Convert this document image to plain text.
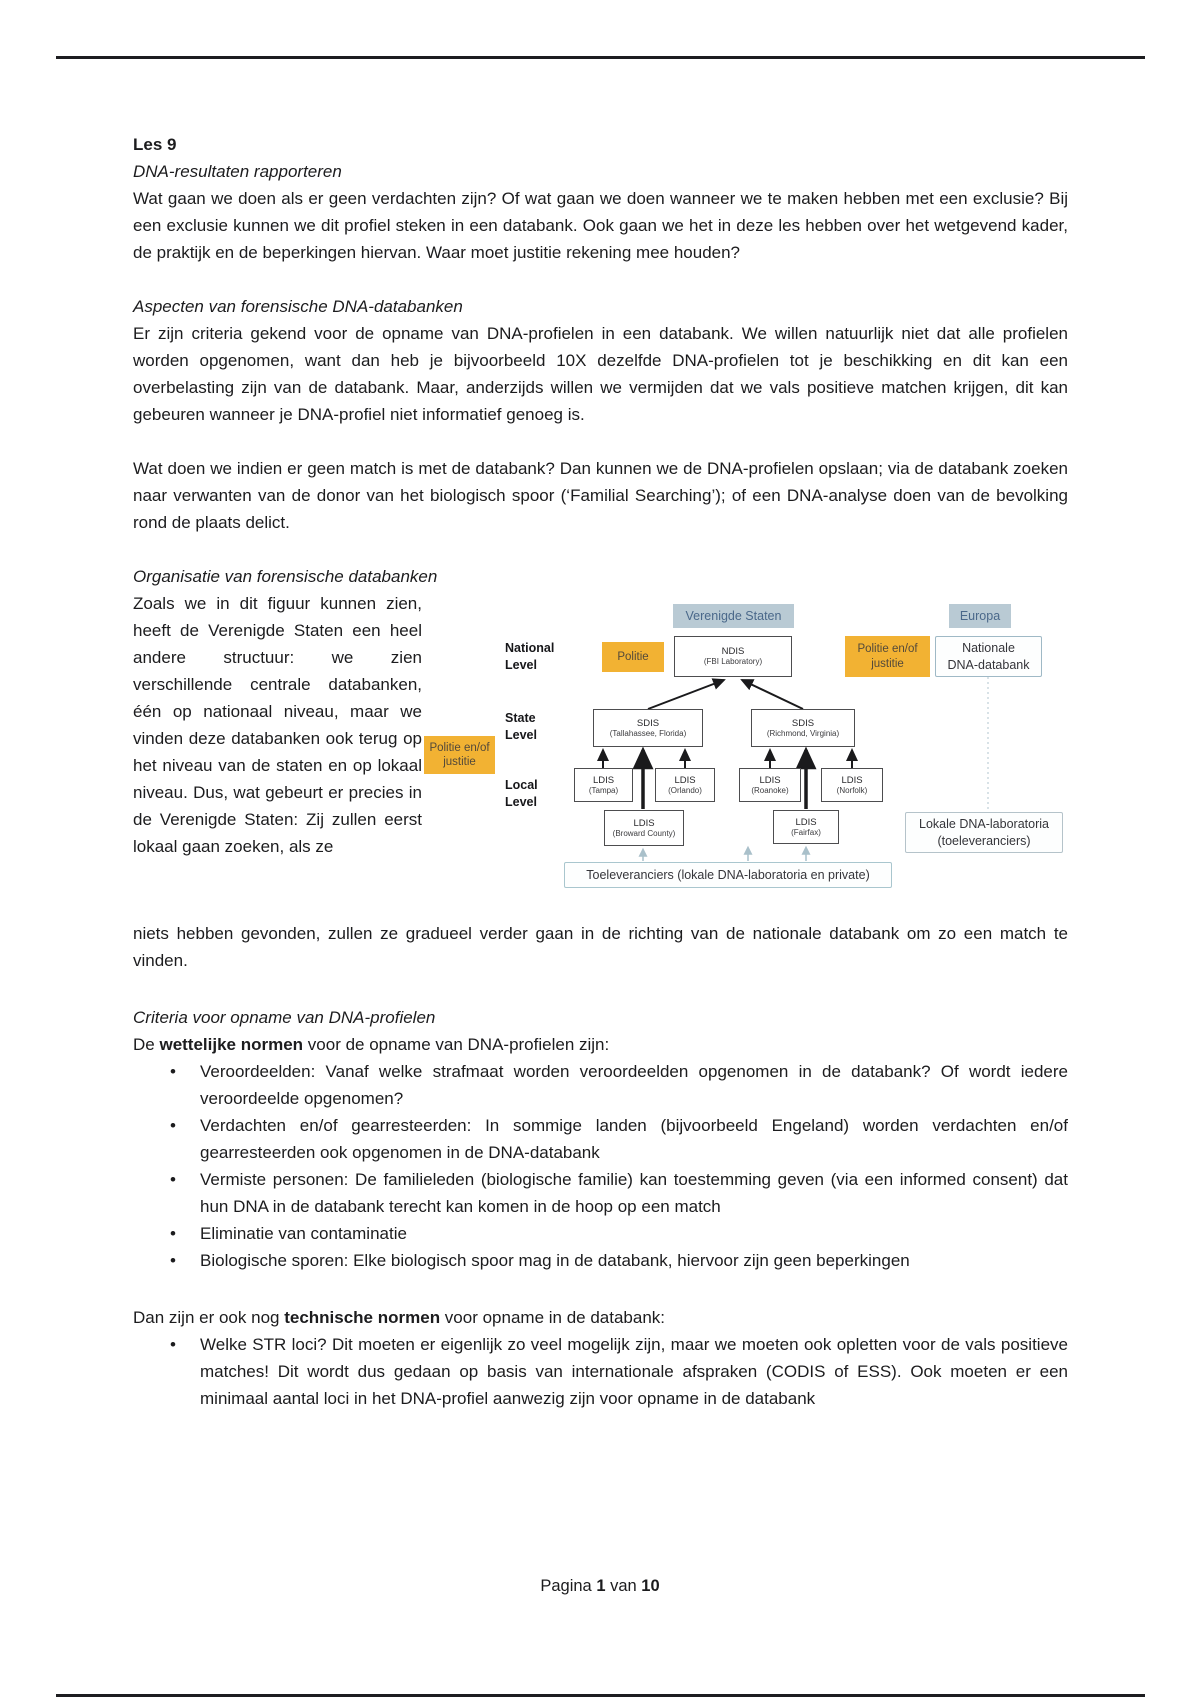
Les 9
DNA-resultaten rapporteren

Wat gaan we doen als er geen verdachten zijn? Of wat gaan we doen wanneer we te maken hebben met een exclusie? Bij een exclusie kunnen we dit profiel steken in een databank. Ook gaan we het in deze les hebben over het wetgevend kader, de praktijk en de beperkingen hiervan. Waar moet justitie rekening mee houden?

Aspecten van forensische DNA-databanken

Er zijn criteria gekend voor de opname van DNA-profielen in een databank. We willen natuurlijk niet dat alle profielen worden opgenomen, want dan heb je bijvoorbeeld 10X dezelfde DNA-profielen tot je beschikking en dit kan een overbelasting zijn van de databank. Maar, anderzijds willen we vermijden dat we vals positieve matchen krijgen, dit kan gebeuren wanneer je DNA-profiel niet informatief genoeg is.

Wat doen we indien er geen match is met de databank? Dan kunnen we de DNA-profielen opslaan; via de databank zoeken naar verwanten van de donor van het biologisch spoor (‘Familial Searching’); of een DNA-analyse doen van de bevolking rond de plaats delict.

Organisatie van forensische databanken

Zoals we in dit figuur kunnen zien, heeft de Verenigde Staten een heel andere structuur: we zien verschillende centrale databanken, één op nationaal niveau, maar we vinden deze databanken ook terug op het niveau van de staten en op lokaal niveau. Dus, wat gebeurt er precies in de Verenigde Staten: Zij zullen eerst lokaal gaan zoeken, als ze

Verenigde Staten	Europa
National
Level
Politie	NDIS
(FBI Laboratory)
Politie en/of
justitie
Nationale
DNA-databank
State
Level
SDIS
(Tallahassee, Florida)
SDIS
(Richmond, Virginia)
Politie en/of
justitie
Local
Level
LDIS
(Tampa)
LDIS
(Orlando)
LDIS
(Roanoke)
LDIS
(Norfolk)
LDIS
(Broward County)
LDIS
(Fairfax)
Lokale DNA-laboratoria
(toeleveranciers)
Toeleveranciers (lokale DNA-laboratoria en private)

niets hebben gevonden, zullen ze gradueel verder gaan in de richting van de nationale databank om zo een match te vinden.

Criteria voor opname van DNA-profielen

De wettelijke normen voor de opname van DNA-profielen zijn:

• Veroordeelden: Vanaf welke strafmaat worden veroordeelden opgenomen in de databank? Of wordt iedere veroordeelde opgenomen?
• Verdachten en/of gearresteerden: In sommige landen (bijvoorbeeld Engeland) worden verdachten en/of gearresteerden ook opgenomen in de DNA-databank
• Vermiste personen: De familieleden (biologische familie) kan toestemming geven (via een informed consent) dat hun DNA in de databank terecht kan komen in de hoop op een match
• Eliminatie van contaminatie
• Biologische sporen: Elke biologisch spoor mag in de databank, hiervoor zijn geen beperkingen

Dan zijn er ook nog technische normen voor opname in de databank:

• Welke STR loci? Dit moeten er eigenlijk zo veel mogelijk zijn, maar we moeten ook opletten voor de vals positieve matches! Dit wordt dus gedaan op basis van internationale afspraken (CODIS of ESS). Ook moeten er een minimaal aantal loci in het DNA-profiel aanwezig zijn voor opname in de databank
Pagina 1 van 10
